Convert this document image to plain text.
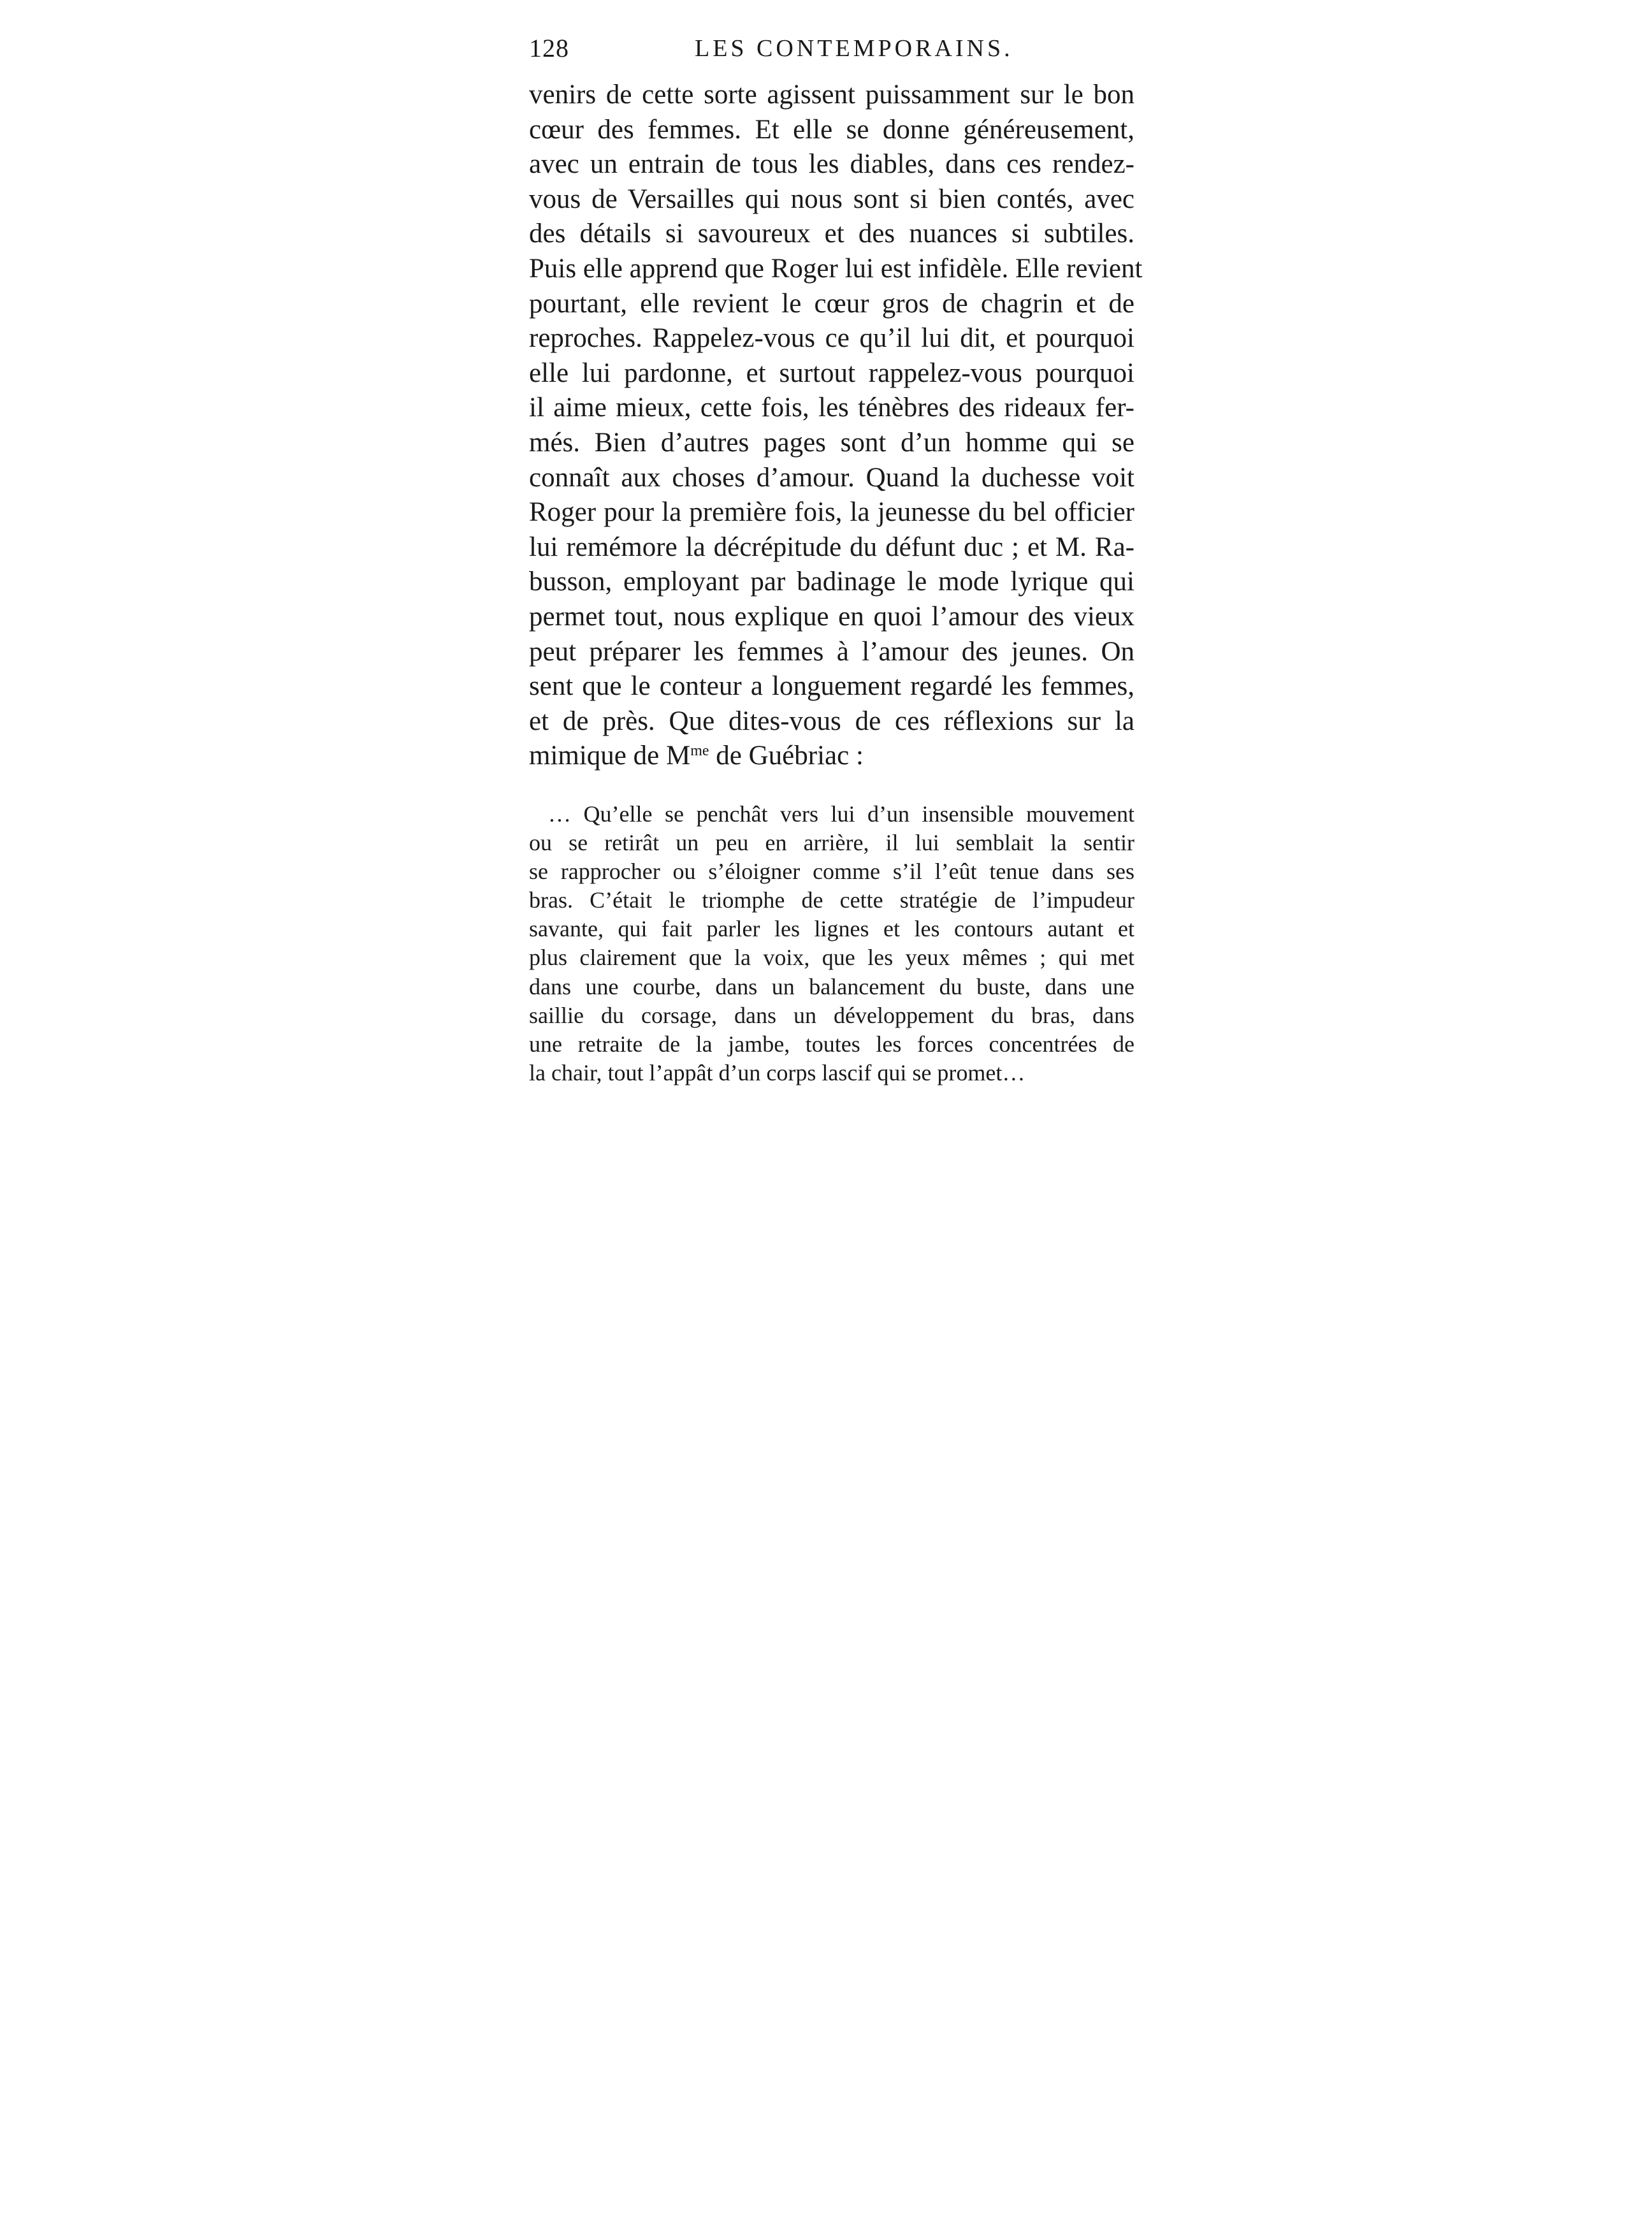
128	LES CONTEMPORAINS.
venirs de cette sorte agissent puissamment sur le bon
cœur des femmes. Et elle se donne généreusement,
avec un entrain de tous les diables, dans ces rendez-
vous de Versailles qui nous sont si bien contés, avec
des détails si savoureux et des nuances si subtiles.
Puis elle apprend que Roger lui est infidèle. Elle revient
pourtant, elle revient le cœur gros de chagrin et de
reproches. Rappelez-vous ce qu’il lui dit, et pourquoi
elle lui pardonne, et surtout rappelez-vous pourquoi
il aime mieux, cette fois, les ténèbres des rideaux fer-
més. Bien d’autres pages sont d’un homme qui se
connaît aux choses d’amour. Quand la duchesse voit
Roger pour la première fois, la jeunesse du bel officier
lui remémore la décrépitude du défunt duc ; et M. Ra-
busson, employant par badinage le mode lyrique qui
permet tout, nous explique en quoi l’amour des vieux
peut préparer les femmes à l’amour des jeunes. On
sent que le conteur a longuement regardé les femmes,
et de près. Que dites-vous de ces réflexions sur la
mimique de $M^{me}$ de Guébriac :
… Qu’elle se penchât vers lui d’un insensible mouvement
ou se retirât un peu en arrière, il lui semblait la sentir
se rapprocher ou s’éloigner comme s’il l’eût tenue dans ses
bras. C’était le triomphe de cette stratégie de l’impudeur
savante, qui fait parler les lignes et les contours autant et
plus clairement que la voix, que les yeux mêmes ; qui met
dans une courbe, dans un balancement du buste, dans une
saillie du corsage, dans un développement du bras, dans
une retraite de la jambe, toutes les forces concentrées de
la chair, tout l’appât d’un corps lascif qui se promet…
